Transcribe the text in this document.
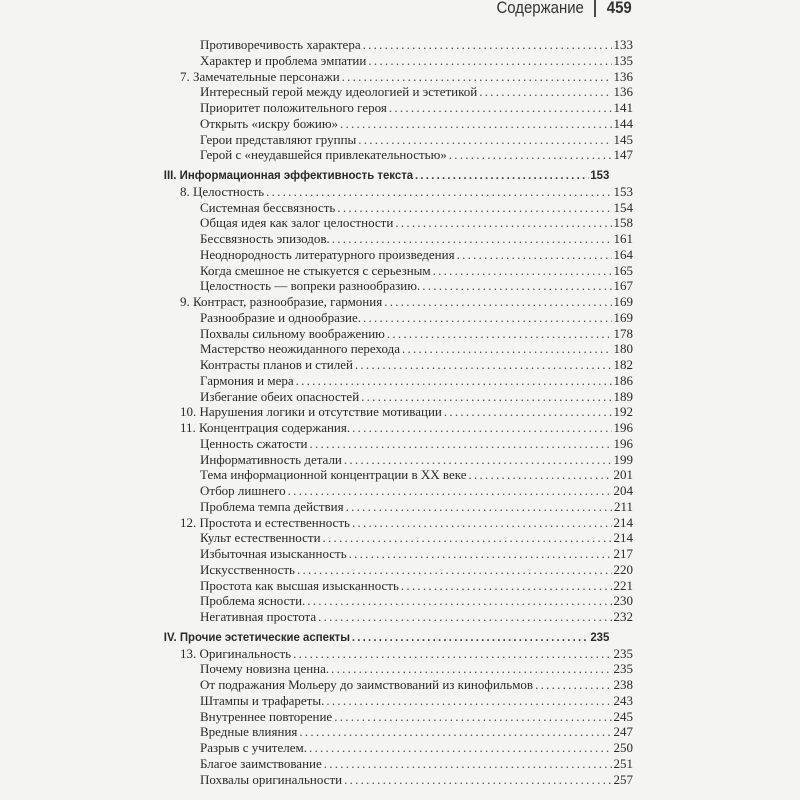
Содержание 459
Противоречивость характера . . .	133
Характер и проблема эмпатии . . .	135
7. Замечательные персонажи . . .	136
Интересный герой между идеологией и эстетикой . . .	136
Приоритет положительного героя . . .	141
Открыть «искру божию» . . .	144
Герои представляют группы . . .	145
Герой с «неудавшейся привлекательностью» . . .	147
III. Информационная эффективность текста . . .	153
8. Целостность . . .	153
Системная бессвязность . . .	154
Общая идея как залог целостности . . .	158
Бессвязность эпизодов. . . .	161
Неоднородность литературного произведения . . .	164
Когда смешное не стыкуется с серьезным . . .	165
Целостность — вопреки разнообразию. . . .	167
9. Контраст, разнообразие, гармония . . .	169
Разнообразие и однообразие. . . .	169
Похвалы сильному воображению . . .	178
Мастерство неожиданного перехода . . .	180
Контрасты планов и стилей . . .	182
Гармония и мера . . .	186
Избегание обеих опасностей . . .	189
10. Нарушения логики и отсутствие мотивации . . .	192
11. Концентрация содержания. . . .	196
Ценность сжатости . . .	196
Информативность детали . . .	199
Тема информационной концентрации в XX веке . . .	201
Отбор лишнего . . .	204
Проблема темпа действия . . .	211
12. Простота и естественность . . .	214
Культ естественности . . .	214
Избыточная изысканность . . .	217
Искусственность . . .	220
Простота как высшая изысканность . . .	221
Проблема ясности. . . .	230
Негативная простота . . .	232
IV. Прочие эстетические аспекты . . .	235
13. Оригинальность . . .	235
Почему новизна ценна. . . .	235
От подражания Мольеру до заимствований из кинофильмов . . .	238
Штампы и трафареты. . . .	243
Внутреннее повторение . . .	245
Вредные влияния . . .	247
Разрыв с учителем. . . .	250
Благое заимствование . . .	251
Похвалы оригинальности . . .	257
